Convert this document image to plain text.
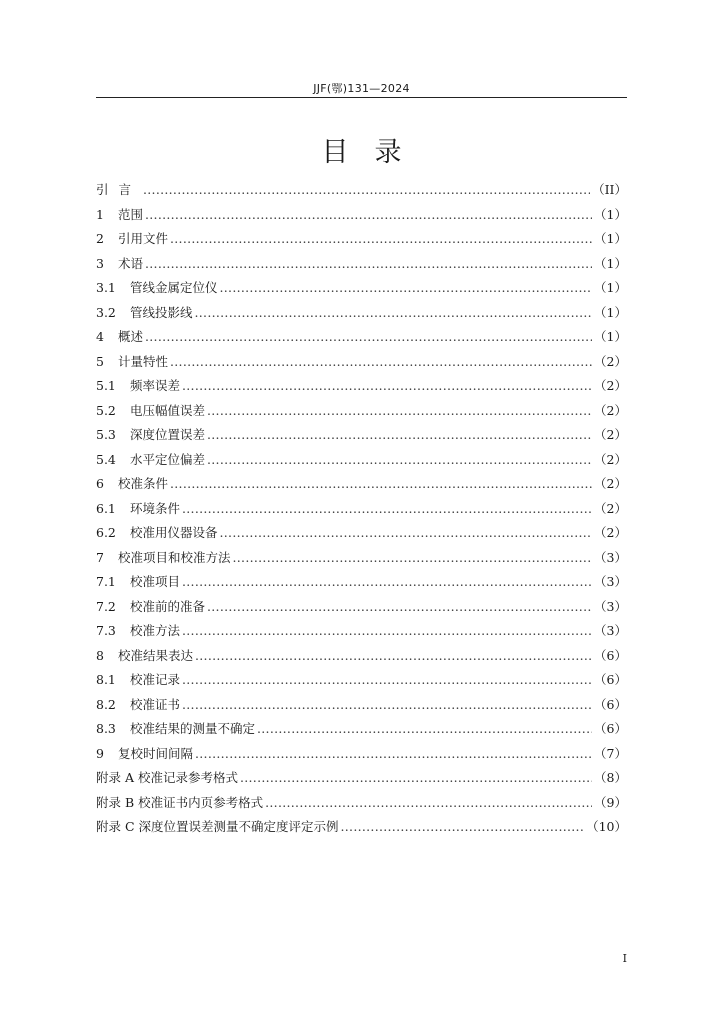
JJF(鄂)131—2024
目录
引言 .....	（II）
1	范围 .....	（1）
2	引用文件 .....	（1）
3	术语 .....	（1）
3.1	管线金属定位仪 .....	（1）
3.2	管线投影线 .....	（1）
4	概述 .....	（1）
5	计量特性 .....	（2）
5.1	频率误差 .....	（2）
5.2	电压幅值误差 .....	（2）
5.3	深度位置误差 .....	（2）
5.4	水平定位偏差 .....	（2）
6	校准条件 .....	（2）
6.1	环境条件 .....	（2）
6.2	校准用仪器设备 .....	（2）
7	校准项目和校准方法 .....	（3）
7.1	校准项目 .....	（3）
7.2	校准前的准备 .....	（3）
7.3	校准方法 .....	（3）
8	校准结果表达 .....	（6）
8.1	校准记录 .....	（6）
8.2	校准证书 .....	（6）
8.3	校准结果的测量不确定 .....	（6）
9	复校时间间隔 .....	（7）
附录 A 校准记录参考格式 .....	（8）
附录 B 校准证书内页参考格式 .....	（9）
附录 C 深度位置误差测量不确定度评定示例 .....	（10）
I
